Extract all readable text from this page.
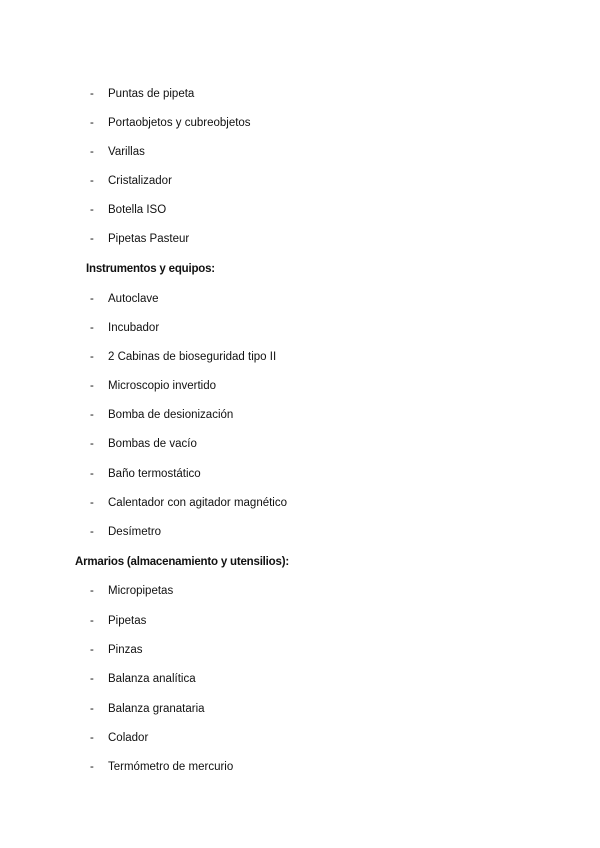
-	Puntas de pipeta
-	Portaobjetos y cubreobjetos
-	Varillas
-	Cristalizador
-	Botella ISO
-	Pipetas Pasteur
Instrumentos y equipos:
-	Autoclave
-	Incubador
-	2 Cabinas de bioseguridad tipo II
-	Microscopio invertido
-	Bomba de desionización
-	Bombas de vacío
-	Baño termostático
-	Calentador con agitador magnético
-	Desímetro
Armarios (almacenamiento y utensilios):
-	Micropipetas
-	Pipetas
-	Pinzas
-	Balanza analítica
-	Balanza granataria
-	Colador
-	Termómetro de mercurio
